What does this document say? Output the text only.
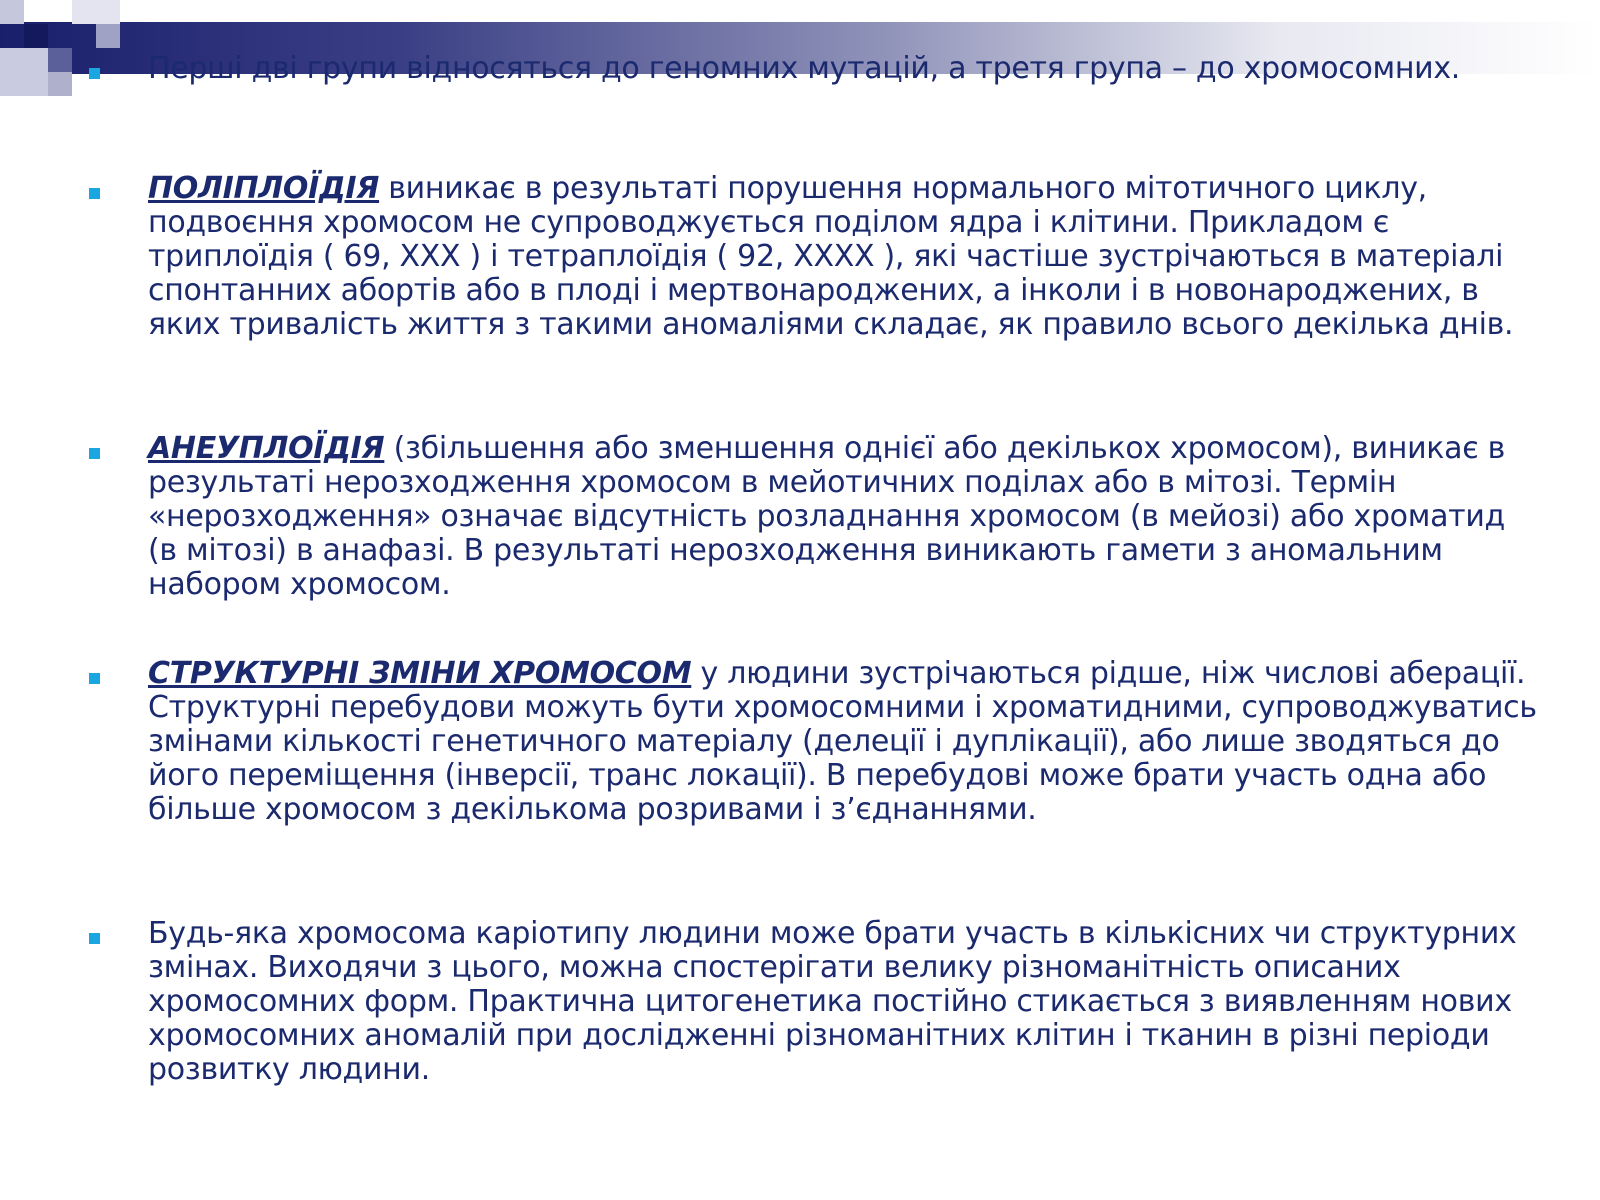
Перші дві групи відносяться до геномних мутацій, а третя група – до хромосомних.

ПОЛІПЛОЇДІЯ виникає в результаті порушення нормального мітотичного циклу, подвоєння хромосом не супроводжується поділом ядра і клітини. Прикладом є триплоїдія ( 69, ХХХ ) і тетраплоїдія ( 92, ХХХХ ), які частіше зустрічаються в матеріалі спонтанних абортів або в плоді і мертвонароджених, а інколи і в новонароджених, в яких тривалість життя з такими аномаліями складає, як правило всього декілька днів.

АНЕУПЛОЇДІЯ (збільшення або зменшення однієї або декількох хромосом), виникає в результаті нерозходження хромосом в мейотичних поділах або в мітозі. Термін «нерозходження» означає відсутність розладнання хромосом (в мейозі) або хроматид (в мітозі) в анафазі. В результаті нерозходження виникають гамети з аномальним набором хромосом.

СТРУКТУРНІ ЗМІНИ ХРОМОСОМ у людини зустрічаються рідше, ніж числові аберації. Структурні перебудови можуть бути хромосомними і хроматидними, супроводжуватись змінами кількості генетичного матеріалу (делеції і дуплікації), або лише зводяться до його переміщення (інверсії, транс локації). В перебудові може брати участь одна або більше хромосом з декількома розривами і з’єднаннями.

Будь-яка хромосома каріотипу людини може брати участь в кількісних чи структурних змінах. Виходячи з цього, можна спостерігати велику різноманітність описаних хромосомних форм. Практична цитогенетика постійно стикається з виявленням нових хромосомних аномалій при дослідженні різноманітних клітин і тканин в різні періоди розвитку людини.
